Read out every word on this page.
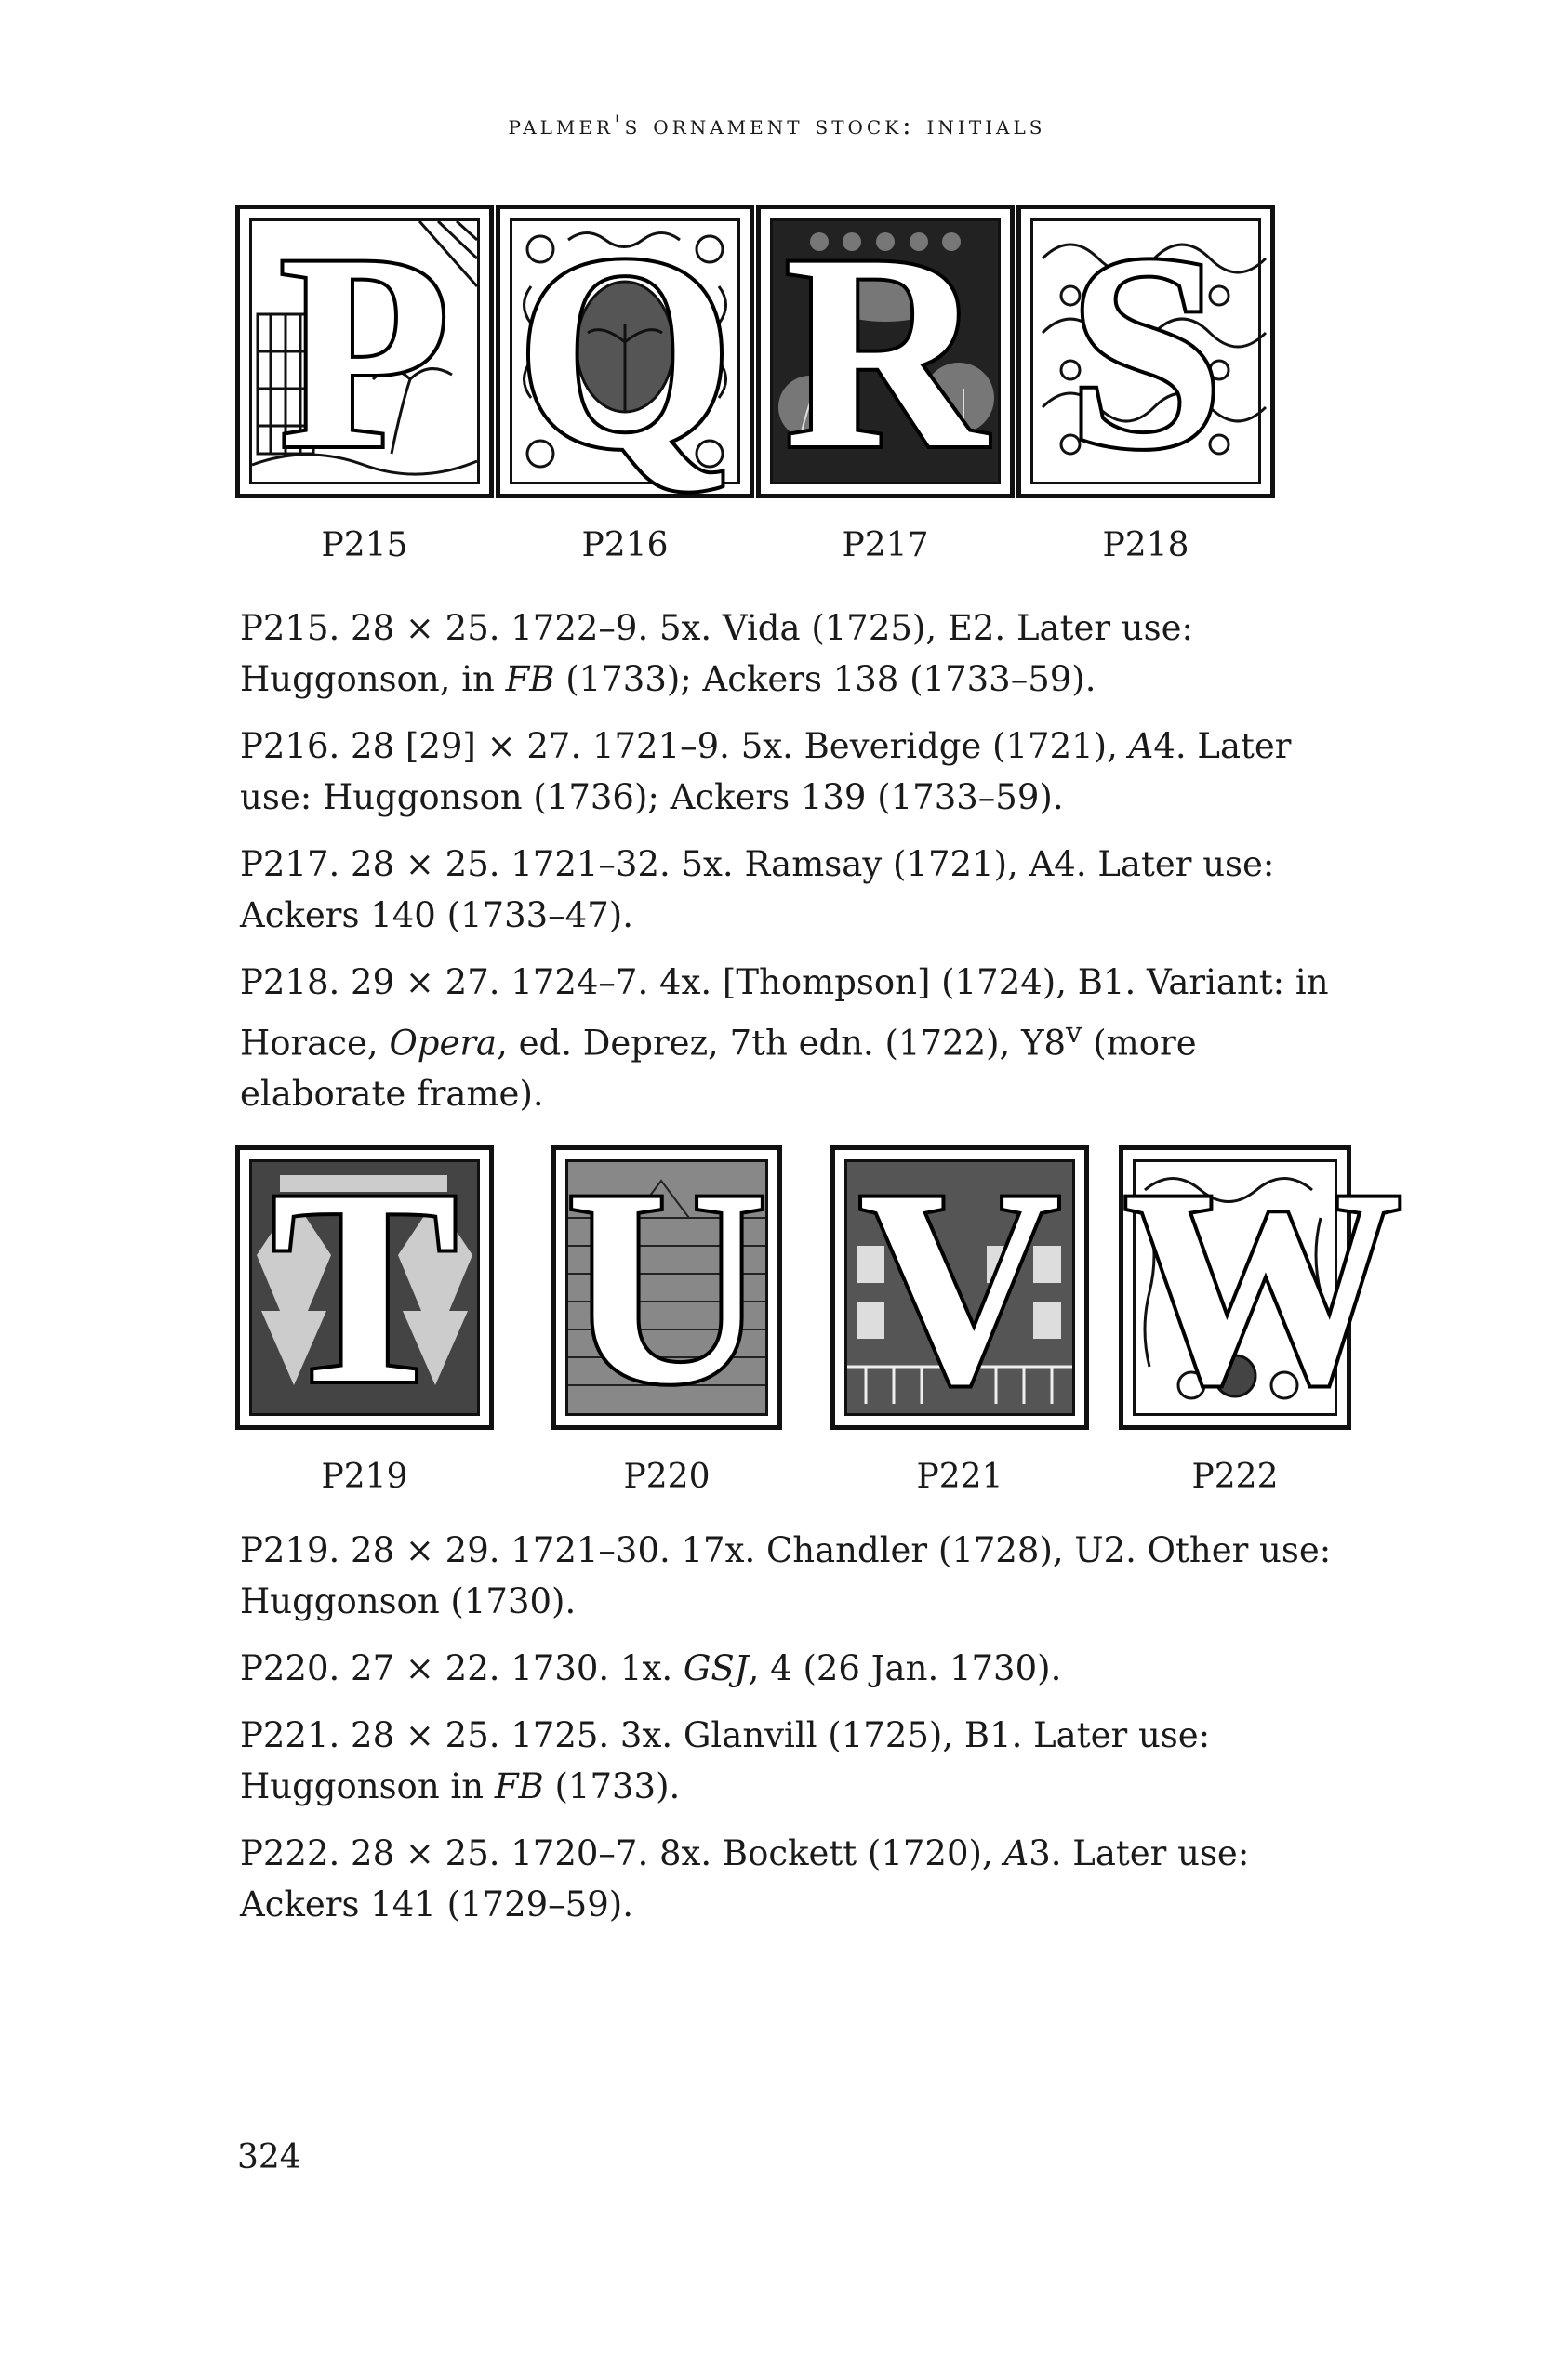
palmer's ornament stock: initials
P Q R S
P215	P216	P217	P218

P215. 28 × 25. 1722–9. 5x. Vida (1725), E2. Later use: Huggonson, in FB (1733); Ackers 138 (1733–59).

P216. 28 [29] × 27. 1721–9. 5x. Beveridge (1721), A4. Later use: Huggonson (1736); Ackers 139 (1733–59).

P217. 28 × 25. 1721–32. 5x. Ramsay (1721), A4. Later use: Ackers 140 (1733–47).

P218. 29 × 27. 1724–7. 4x. [Thompson] (1724), B1. Variant: in Horace, Opera, ed. Deprez, 7th edn. (1722), Y8$^v$ (more elaborate frame).

T U V W
P219	P220	P221	P222

P219. 28 × 29. 1721–30. 17x. Chandler (1728), U2. Other use: Huggonson (1730).

P220. 27 × 22. 1730. 1x. GSJ, 4 (26 Jan. 1730).

P221. 28 × 25. 1725. 3x. Glanvill (1725), B1. Later use: Huggonson in FB (1733).

P222. 28 × 25. 1720–7. 8x. Bockett (1720), A3. Later use: Ackers 141 (1729–59).

324
